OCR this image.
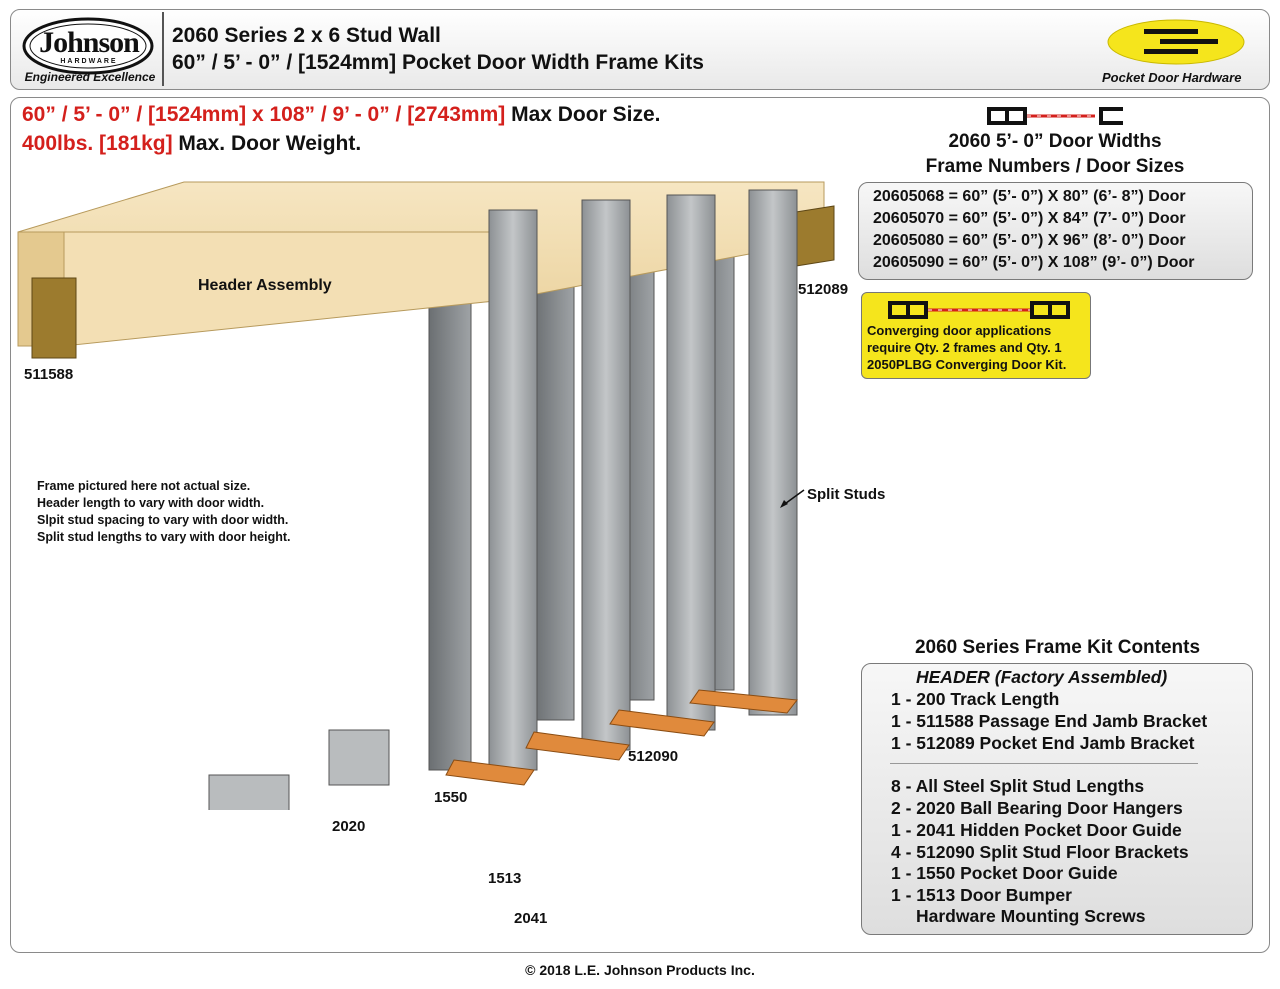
Johnson
HARDWARE
Engineered Excellence
2060 Series 2 x 6 Stud Wall
60” / 5’ - 0” / [1524mm] Pocket Door Width Frame Kits
Pocket Door Hardware
60” / 5’ - 0” / [1524mm] x 108” / 9’ - 0” / [2743mm] Max Door Size.
400lbs. [181kg] Max. Door Weight.
Header Assembly
511588
512089
Split Studs
512090
1550
2020
1513
2041
Frame pictured here not actual size.
Header length to vary with door width.
Slpit stud spacing to vary with door width.
Split stud lengths to vary with door height.
2060 5’- 0” Door Widths
Frame Numbers / Door Sizes
20605068 = 60” (5’- 0”) X 80” (6’- 8”) Door
20605070 = 60” (5’- 0”) X 84” (7’- 0”) Door
20605080 = 60” (5’- 0”) X 96” (8’- 0”) Door
20605090 = 60” (5’- 0”) X 108” (9’- 0”) Door
Converging door applications
require Qty. 2 frames and Qty. 1
2050PLBG Converging Door Kit.
2060 Series Frame Kit Contents
HEADER (Factory Assembled)
1 - 200 Track Length
1 - 511588 Passage End Jamb Bracket
1 - 512089 Pocket End Jamb Bracket
8 - All Steel Split Stud Lengths
2 - 2020 Ball Bearing Door Hangers
1 - 2041 Hidden Pocket Door Guide
4 - 512090 Split Stud Floor Brackets
1 - 1550 Pocket Door Guide
1 - 1513 Door Bumper
Hardware Mounting Screws
© 2018 L.E. Johnson Products Inc.
